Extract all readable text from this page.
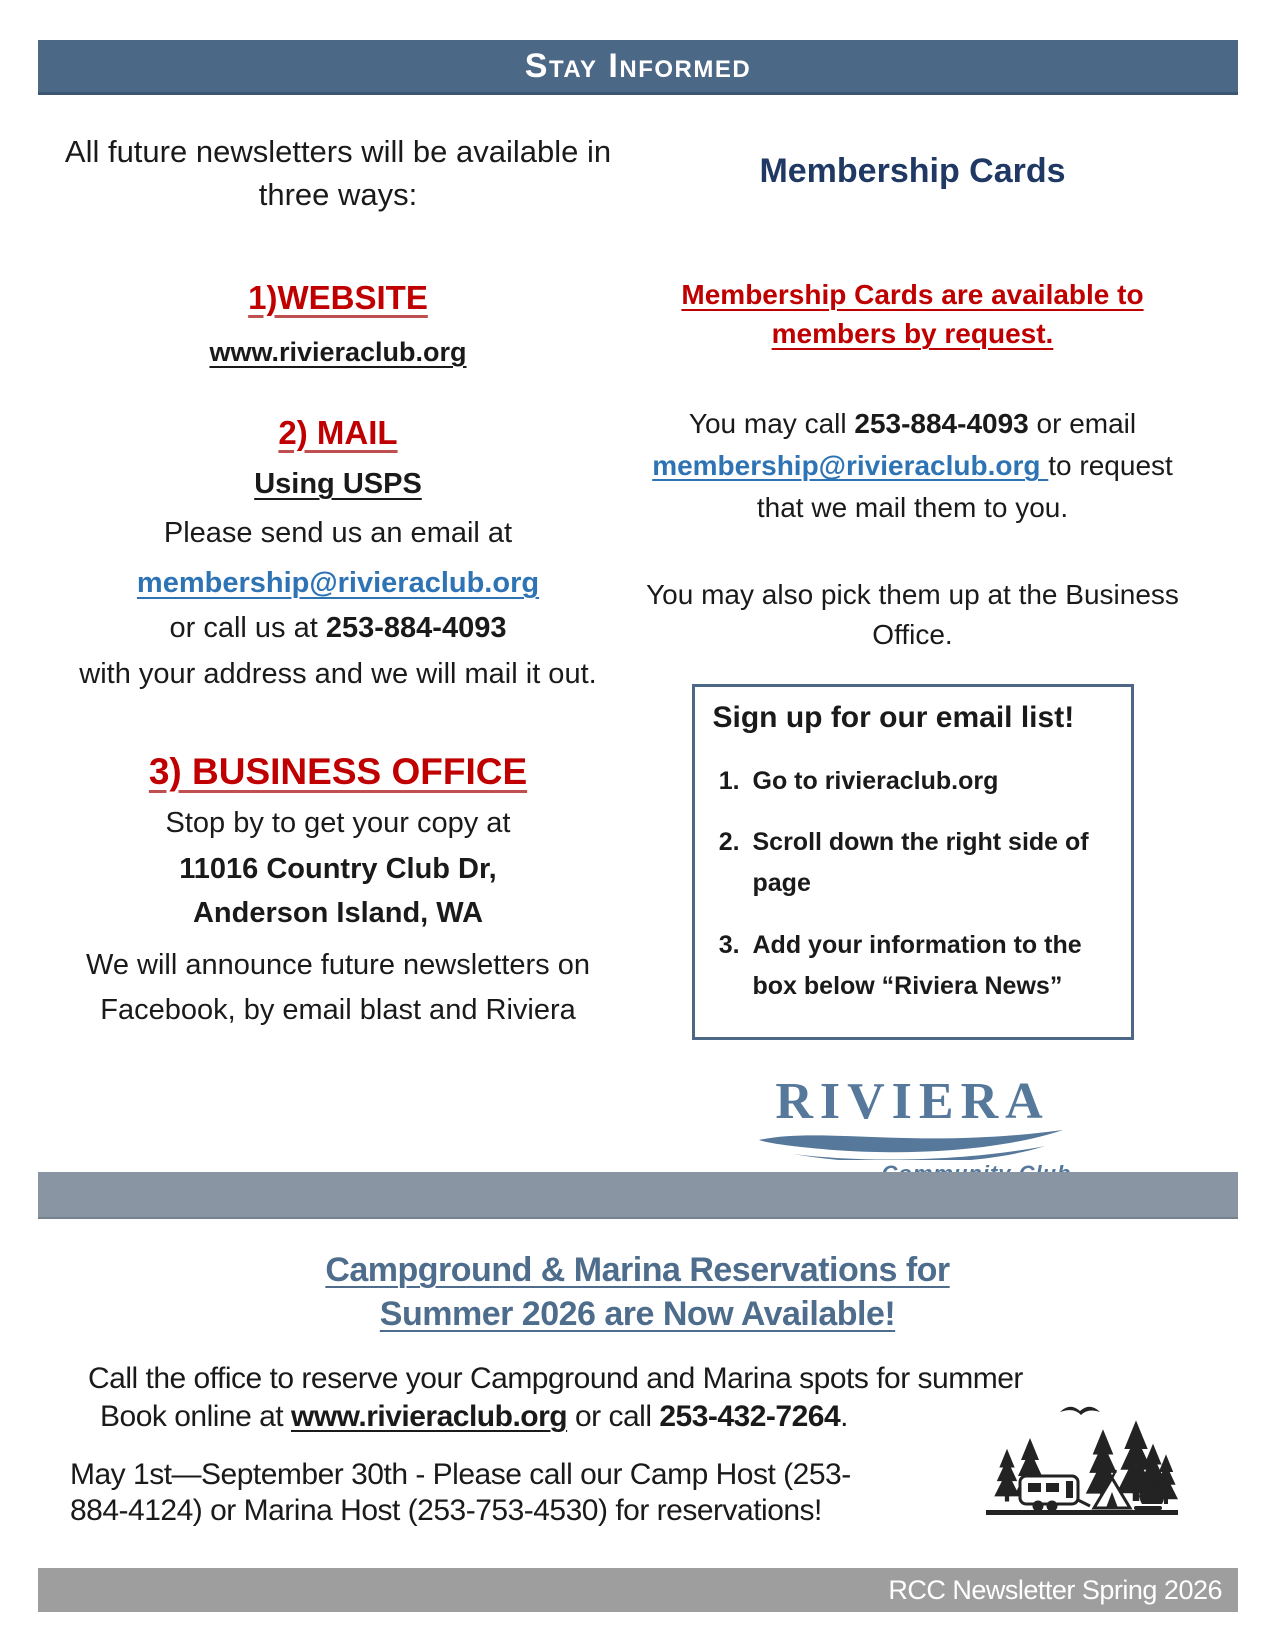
Stay Informed

All future newsletters will be available in three ways:

1)WEBSITE

www.rivieraclub.org

2) MAIL

Using USPS

Please send us an email at

membership@rivieraclub.org

or call us at 253-884-4093

with your address and we will mail it out.

3) BUSINESS OFFICE

Stop by to get your copy at

11016 Country Club Dr,

Anderson Island, WA

We will announce future newsletters on
Facebook, by email blast and Riviera

Membership Cards

Membership Cards are available to members by request.

You may call 253-884-4093 or email membership@rivieraclub.org to request that we mail them to you.

You may also pick them up at the Business Office.

Sign up for our email list!
1. Go to rivieraclub.org
2. Scroll down the right side of page
3. Add your information to the box below “Riviera News”
RIVIERA

Campground & Marina Reservations for
Summer 2026 are Now Available!

Call the office to reserve your Campground and Marina spots for summer
Book online at www.rivieraclub.org or call 253-432-7264.

May 1st—September 30th - Please call our Camp Host (253-
884-4124) or Marina Host (253-753-4530) for reservations!

RCC Newsletter Spring 2026
